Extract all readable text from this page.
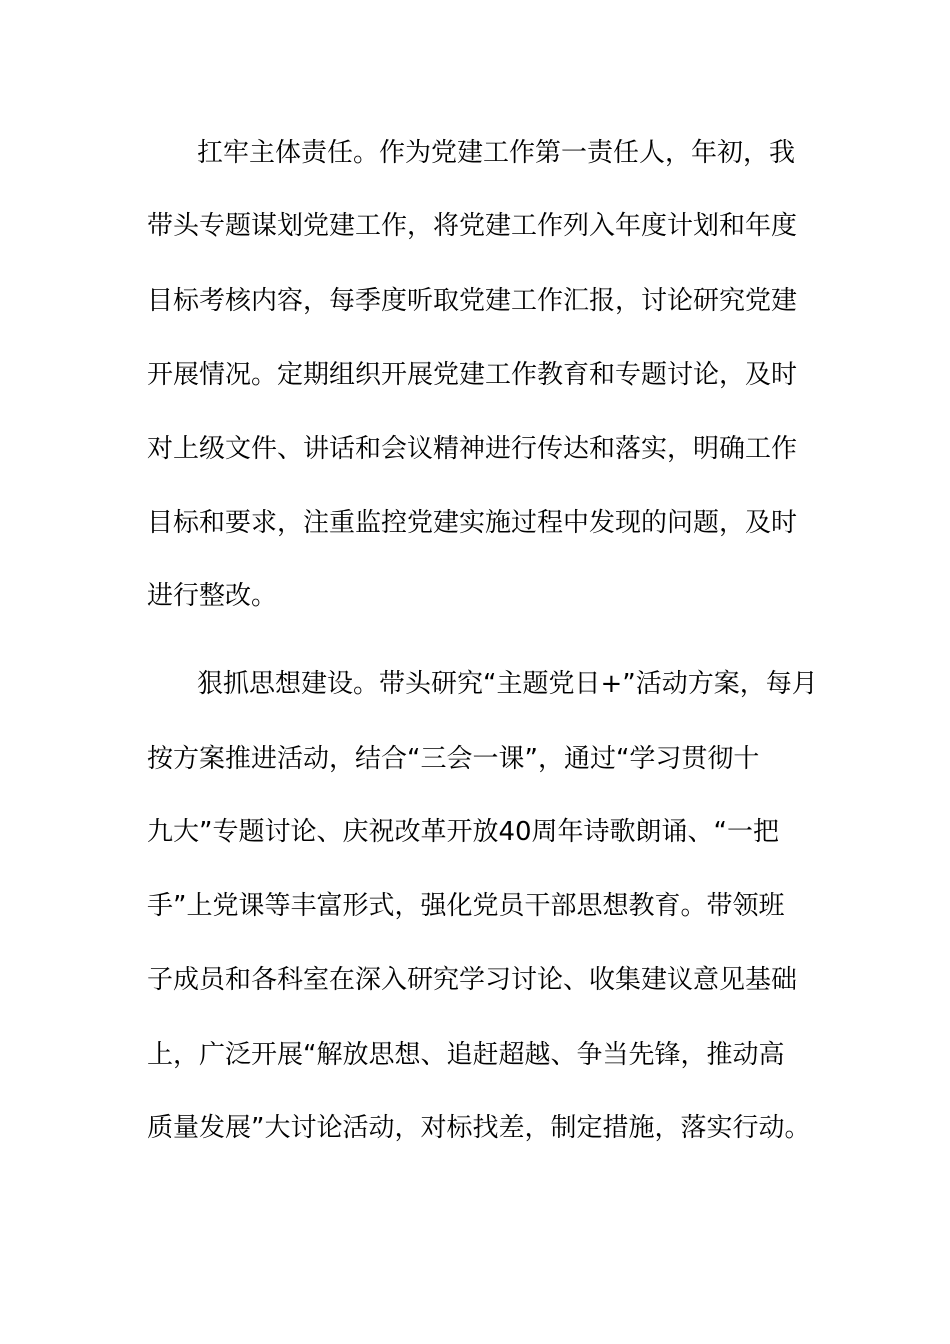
扛牢主体责任。作为党建工作第一责任人，年初，我
带头专题谋划党建工作，将党建工作列入年度计划和年度
目标考核内容，每季度听取党建工作汇报，讨论研究党建
开展情况。定期组织开展党建工作教育和专题讨论，及时
对上级文件、讲话和会议精神进行传达和落实，明确工作
目标和要求，注重监控党建实施过程中发现的问题，及时
进行整改。
狠抓思想建设。带头研究“主题党日+”活动方案，每月
按方案推进活动，结合“三会一课”，通过“学习贯彻十
九大”专题讨论、庆祝改革开放40周年诗歌朗诵、“一把
手”上党课等丰富形式，强化党员干部思想教育。带领班
子成员和各科室在深入研究学习讨论、收集建议意见基础
上，广泛开展“解放思想、追赶超越、争当先锋，推动高
质量发展”大讨论活动，对标找差，制定措施，落实行动。
